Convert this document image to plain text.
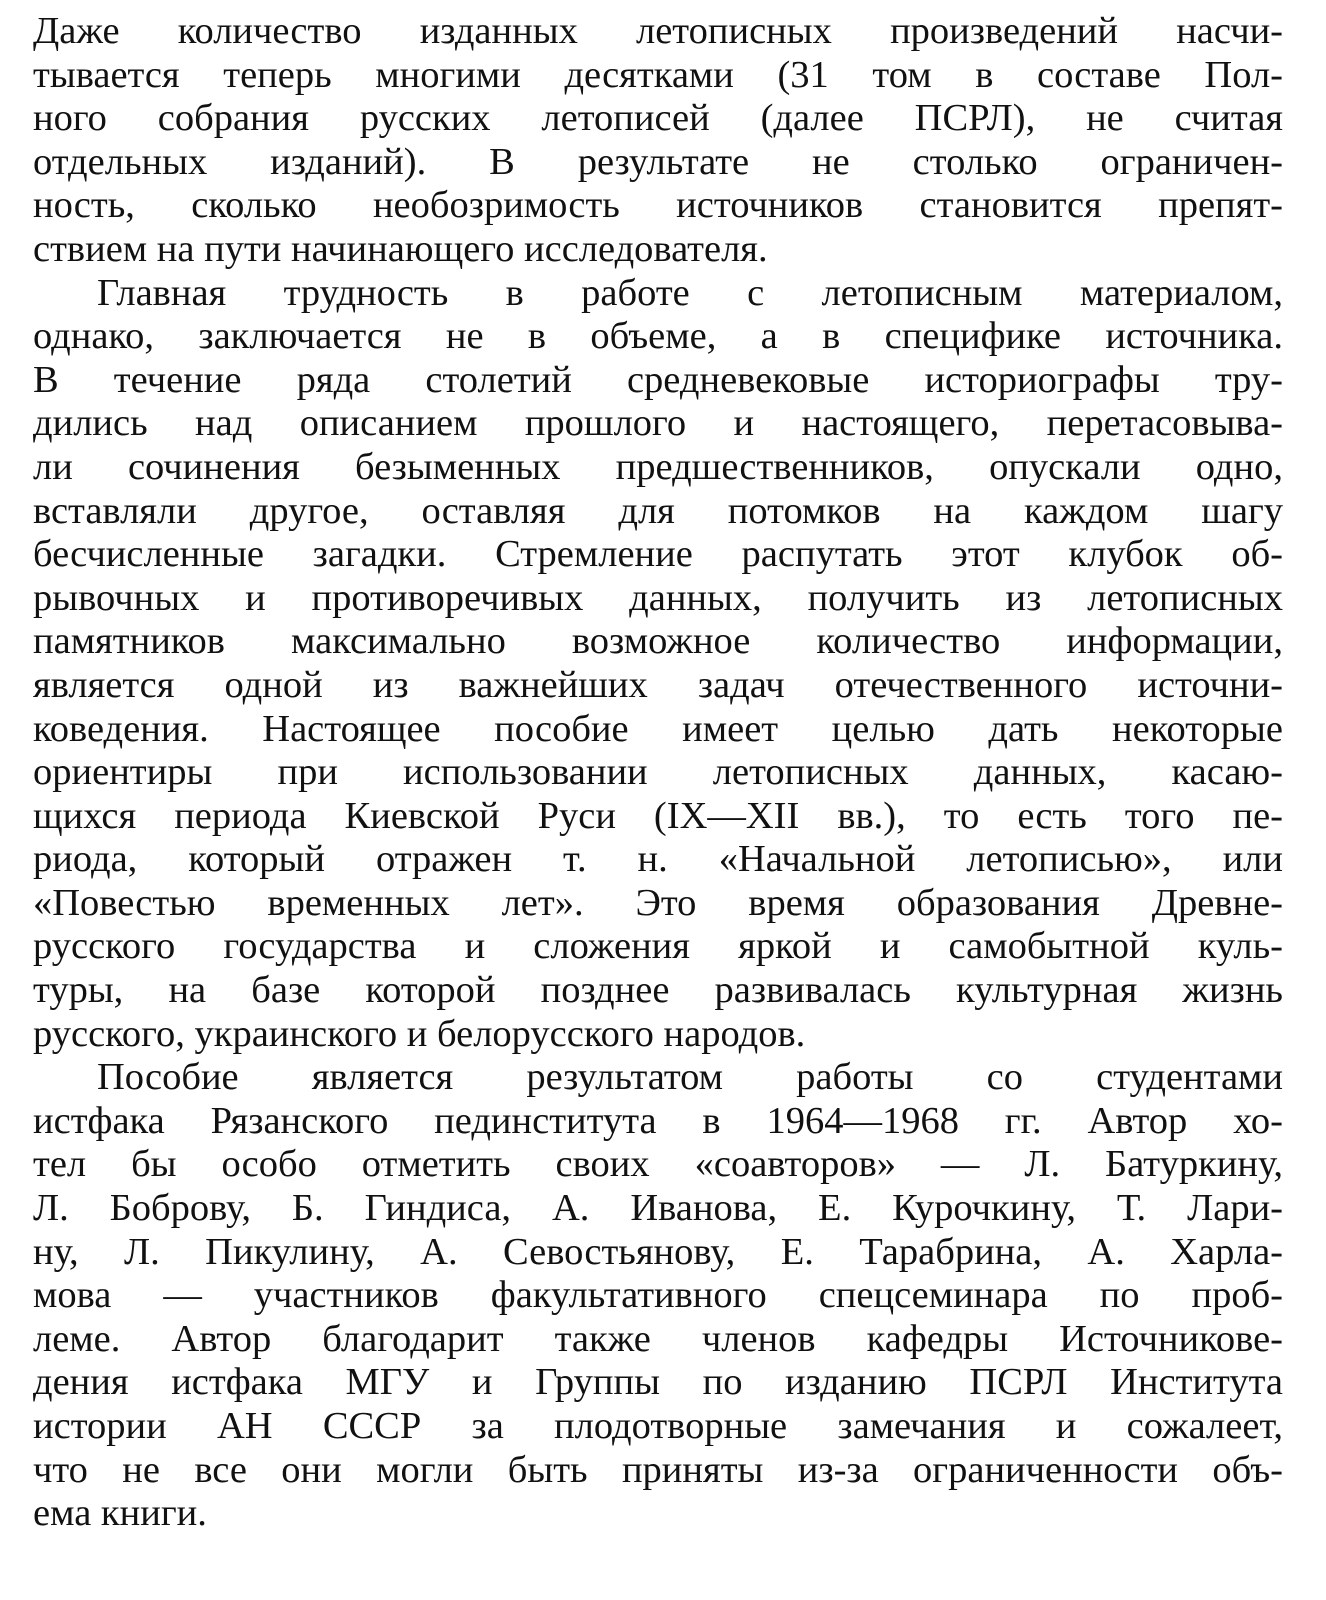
Даже количество изданных летописных произведений насчи-
тывается теперь многими десятками (31 том в составе Пол-
ного собрания русских летописей (далее ПСРЛ), не считая
отдельных изданий). В результате не столько ограничен-
ность, сколько необозримость источников становится препят-
ствием на пути начинающего исследователя.
Главная трудность в работе с летописным материалом,
однако, заключается не в объеме, а в специфике источника.
В течение ряда столетий средневековые историографы тру-
дились над описанием прошлого и настоящего, перетасовыва-
ли сочинения безыменных предшественников, опускали одно,
вставляли другое, оставляя для потомков на каждом шагу
бесчисленные загадки. Стремление распутать этот клубок об-
рывочных и противоречивых данных, получить из летописных
памятников максимально возможное количество информации,
является одной из важнейших задач отечественного источни-
коведения. Настоящее пособие имеет целью дать некоторые
ориентиры при использовании летописных данных, касаю-
щихся периода Киевской Руси (IX—XII вв.), то есть того пе-
риода, который отражен т. н. «Начальной летописью», или
«Повестью временных лет». Это время образования Древне-
русского государства и сложения яркой и самобытной куль-
туры, на базе которой позднее развивалась культурная жизнь
русского, украинского и белорусского народов.
Пособие является результатом работы со студентами
истфака Рязанского пединститута в 1964—1968 гг. Автор хо-
тел бы особо отметить своих «соавторов» — Л. Батуркину,
Л. Боброву, Б. Гиндиса, А. Иванова, Е. Курочкину, Т. Лари-
ну, Л. Пикулину, А. Севостьянову, Е. Тарабрина, А. Харла-
мова — участников факультативного спецсеминара по проб-
леме. Автор благодарит также членов кафедры Источникове-
дения истфака МГУ и Группы по изданию ПСРЛ Института
истории АН СССР за плодотворные замечания и сожалеет,
что не все они могли быть приняты из-за ограниченности объ-
ема книги.
